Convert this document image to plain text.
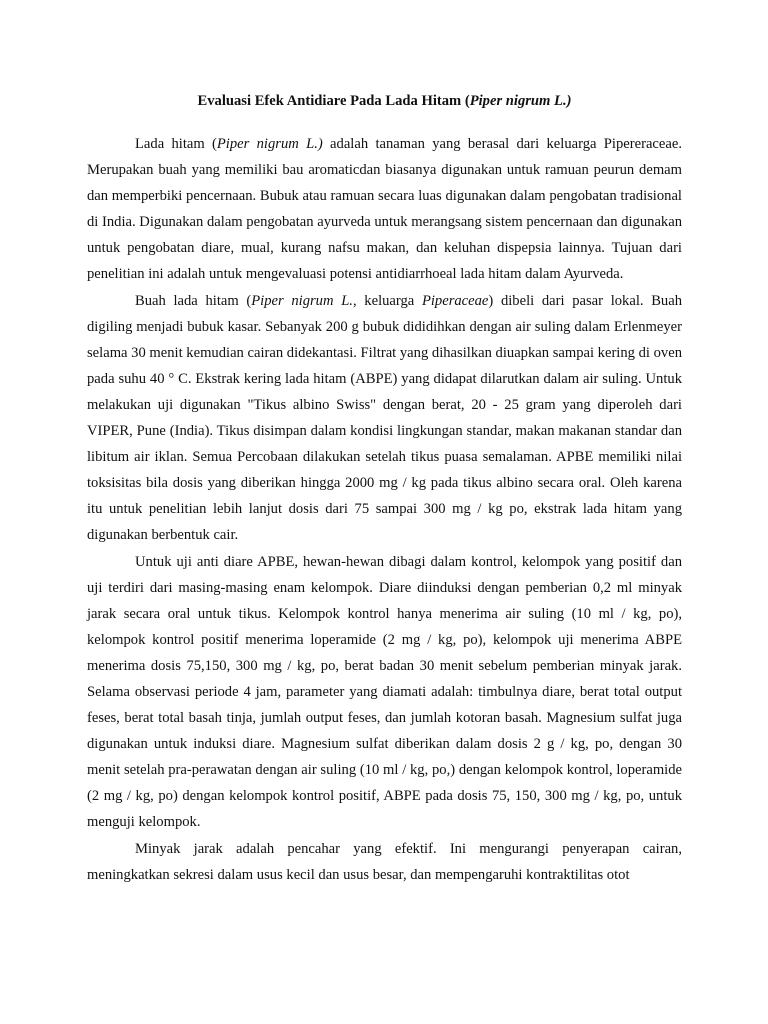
Evaluasi Efek Antidiare Pada Lada Hitam (Piper nigrum L.)

Lada hitam (Piper nigrum L.) adalah tanaman yang berasal dari keluarga Pipereraceae. Merupakan buah yang memiliki bau aromaticdan biasanya digunakan untuk ramuan peurun demam dan memperbiki pencernaan. Bubuk atau ramuan secara luas digunakan dalam pengobatan tradisional di India. Digunakan dalam pengobatan ayurveda untuk merangsang sistem pencernaan dan digunakan untuk pengobatan diare, mual, kurang nafsu makan, dan keluhan dispepsia lainnya. Tujuan dari penelitian ini adalah untuk mengevaluasi potensi antidiarrhoeal lada hitam dalam Ayurveda.

Buah lada hitam (Piper nigrum L., keluarga Piperaceae) dibeli dari pasar lokal. Buah digiling menjadi bubuk kasar. Sebanyak 200 g bubuk dididihkan dengan air suling dalam Erlenmeyer selama 30 menit kemudian cairan didekantasi. Filtrat yang dihasilkan diuapkan sampai kering di oven pada suhu 40 ° C. Ekstrak kering lada hitam (ABPE) yang didapat dilarutkan dalam air suling. Untuk melakukan uji digunakan "Tikus albino Swiss" dengan berat, 20 - 25 gram yang diperoleh dari VIPER, Pune (India). Tikus disimpan dalam kondisi lingkungan standar, makan makanan standar dan libitum air iklan. Semua Percobaan dilakukan setelah tikus puasa semalaman. APBE memiliki nilai toksisitas bila dosis yang diberikan hingga 2000 mg / kg pada tikus albino secara oral. Oleh karena itu untuk penelitian lebih lanjut dosis dari 75 sampai 300 mg / kg po, ekstrak lada hitam yang digunakan berbentuk cair.

Untuk uji anti diare APBE, hewan-hewan dibagi dalam kontrol, kelompok yang positif dan uji terdiri dari masing-masing enam kelompok. Diare diinduksi dengan pemberian 0,2 ml minyak jarak secara oral untuk tikus. Kelompok kontrol hanya menerima air suling (10 ml / kg, po), kelompok kontrol positif menerima loperamide (2 mg / kg, po), kelompok uji menerima ABPE menerima dosis 75,150, 300 mg / kg, po, berat badan 30 menit sebelum pemberian minyak jarak. Selama observasi periode 4 jam, parameter yang diamati adalah: timbulnya diare, berat total output feses, berat total basah tinja, jumlah output feses, dan jumlah kotoran basah. Magnesium sulfat juga digunakan untuk induksi diare. Magnesium sulfat diberikan dalam dosis 2 g / kg, po, dengan 30 menit setelah pra-perawatan dengan air suling (10 ml / kg, po,) dengan kelompok kontrol, loperamide (2 mg / kg, po) dengan kelompok kontrol positif, ABPE pada dosis 75, 150, 300 mg / kg, po, untuk menguji kelompok.

Minyak jarak adalah pencahar yang efektif. Ini mengurangi penyerapan cairan, meningkatkan sekresi dalam usus kecil dan usus besar, dan mempengaruhi kontraktilitas otot
